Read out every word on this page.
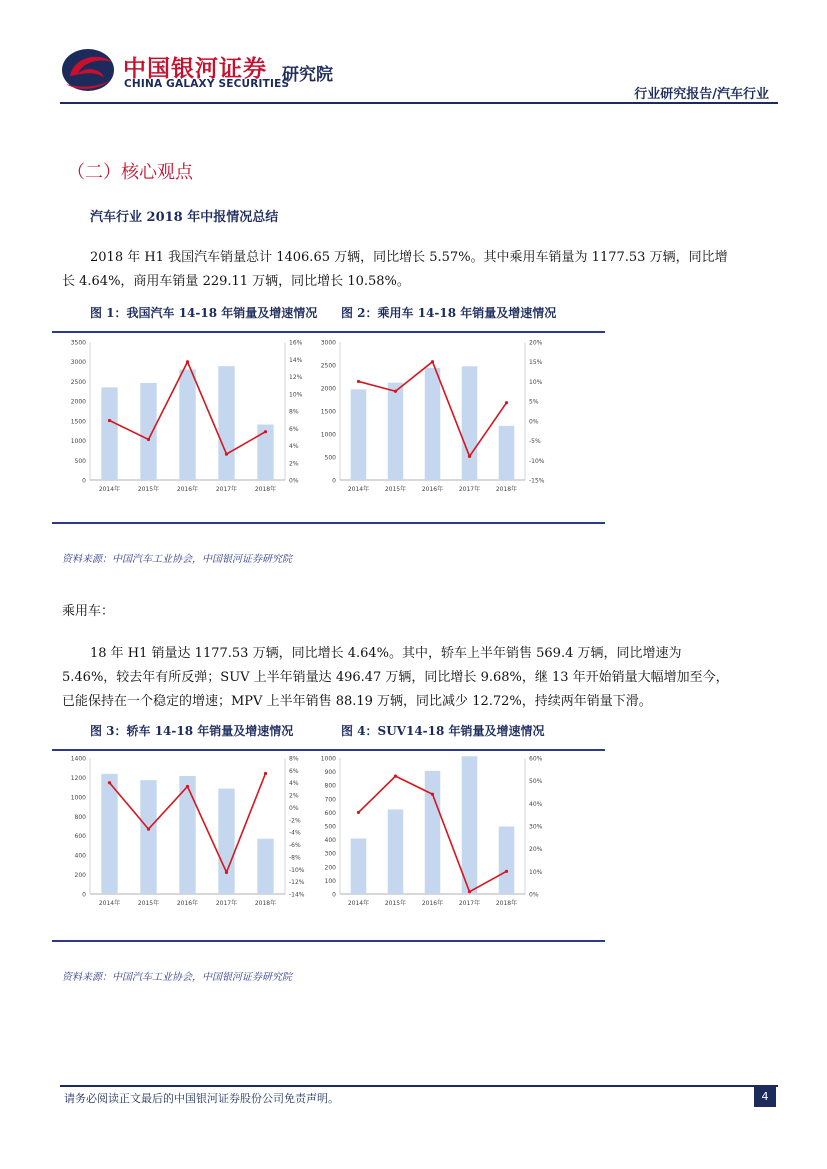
中国银河证券
CHINA GALAXY SECURITIES
研究院
行业研究报告/汽车行业
（二）核心观点
汽车行业 2018 年中报情况总结
2018 年 H1 我国汽车销量总计 1406.65 万辆，同比增长 5.57%。其中乘用车销量为 1177.53 万辆，同比增长 4.64%，商用车销量 229.11 万辆，同比增长 10.58%。
图 1：我国汽车 14-18 年销量及增速情况 图 2：乘用车 14-18 年销量及增速情况
0
500
1000
1500
2000
2500
3000
3500
0%
2%
4%
6%
8%
10%
12%
14%
16%
2014年	2015年	2016年	2017年	2018年
0
500
1000
1500
2000
2500
3000
-15%
-10%
-5%
0%
5%
10%
15%
20%
2014年	2015年	2016年	2017年	2018年
资料来源：中国汽车工业协会，中国银河证券研究院
乘用车：
18 年 H1 销量达 1177.53 万辆，同比增长 4.64%。其中，轿车上半年销售 569.4 万辆，同比增速为 5.46%，较去年有所反弹；SUV 上半年销量达 496.47 万辆，同比增长 9.68%，继 13 年开始销量大幅增加至今，已能保持在一个稳定的增速；MPV 上半年销售 88.19 万辆，同比减少 12.72%，持续两年销量下滑。
图 3：轿车 14-18 年销量及增速情况	图 4：SUV14-18 年销量及增速情况
0
200
400
600
800
1000
1200
1400
-14%
-12%
-10%
-8%
-6%
-4%
-2%
0%
2%
4%
6%
8%
2014年	2015年	2016年	2017年	2018年
0
100
200
300
400
500
600
700
800
900
1000
0%
10%
20%
30%
40%
50%
60%
2014年	2015年	2016年	2017年	2018年
资料来源：中国汽车工业协会，中国银河证券研究院
请务必阅读正文最后的中国银河证券股份公司免责声明。	4
